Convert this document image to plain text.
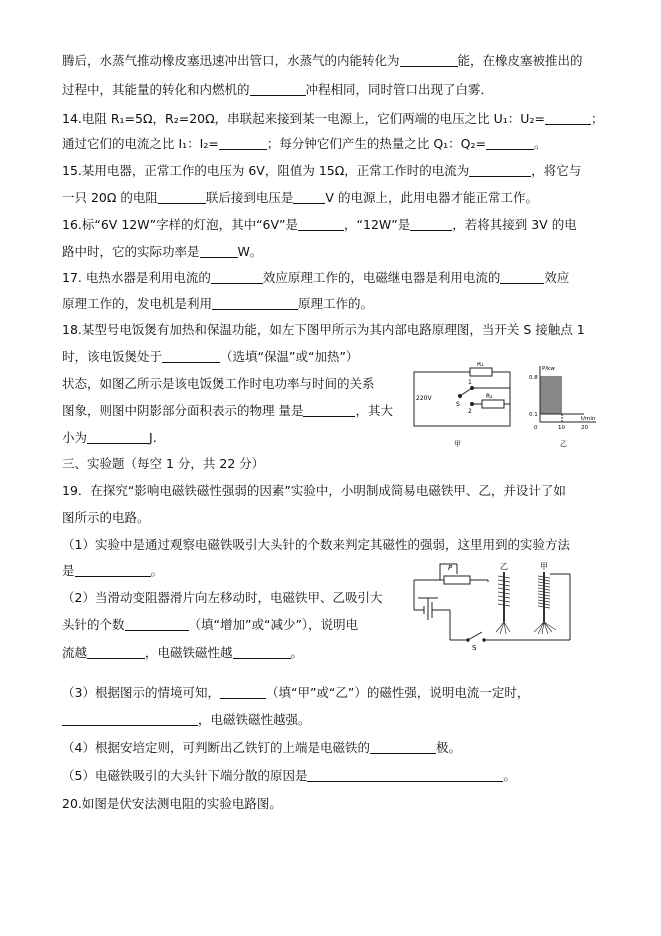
腾后，水蒸气推动橡皮塞迅速冲出管口，水蒸气的内能转化为	能，在橡皮塞被推出的
过程中，其能量的转化和内燃机的	冲程相同，同时管口出现了白雾．
14.电阻 R₁=5Ω，R₂=20Ω，串联起来接到某一电源上，它们两端的电压之比 U₁：U₂=	；
通过它们的电流之比 I₁：I₂=	；每分钟它们产生的热量之比 Q₁：Q₂=	。
15.某用电器，正常工作的电压为 6V，阻值为 15Ω，正常工作时的电流为	，将它与
一只 20Ω 的电阻	联后接到电压是	V 的电源上，此用电器才能正常工作。
16.标“6V 12W”字样的灯泡，其中“6V”是	，“12W”是	，若将其接到 3V 的电
路中时，它的实际功率是	W。
17. 电热水器是利用电流的	效应原理工作的，电磁继电器是利用电流的	效应
原理工作的，发电机是利用	原理工作的。
18.某型号电饭煲有加热和保温功能，如左下图甲所示为其内部电路原理图，当开关 S 接触点 1
时，该电饭煲处于	（选填“保温”或“加热”）
状态，如图乙所示是该电饭煲工作时电功率与时间的关系
图象，则图中阴影部分面积表示的物理 量是	，其大
小为	J.
220V
R₁
R₂
1
2
S
甲
P/kw
0.8
0.1
0	10	20
t/min
乙
三、实验题（每空 1 分，共 22 分）
19．在探究“影响电磁铁磁性强弱的因素”实验中，小明制成简易电磁铁甲、乙，并设计了如
图所示的电路。
（1）实验中是通过观察电磁铁吸引大头针的个数来判定其磁性的强弱，这里用到的实验方法
是	。
（2）当滑动变阻器滑片向左移动时，电磁铁甲、乙吸引大
头针的个数	（填“增加”或“减少”），说明电
流越	，电磁铁磁性越	。
P
S
乙	甲
（3）根据图示的情境可知，	（填“甲”或“乙”）的磁性强，说明电流一定时，
，电磁铁磁性越强。
（4）根据安培定则，可判断出乙铁钉的上端是电磁铁的	极。
（5）电磁铁吸引的大头针下端分散的原因是	。
20.如图是伏安法测电阻的实验电路图。
